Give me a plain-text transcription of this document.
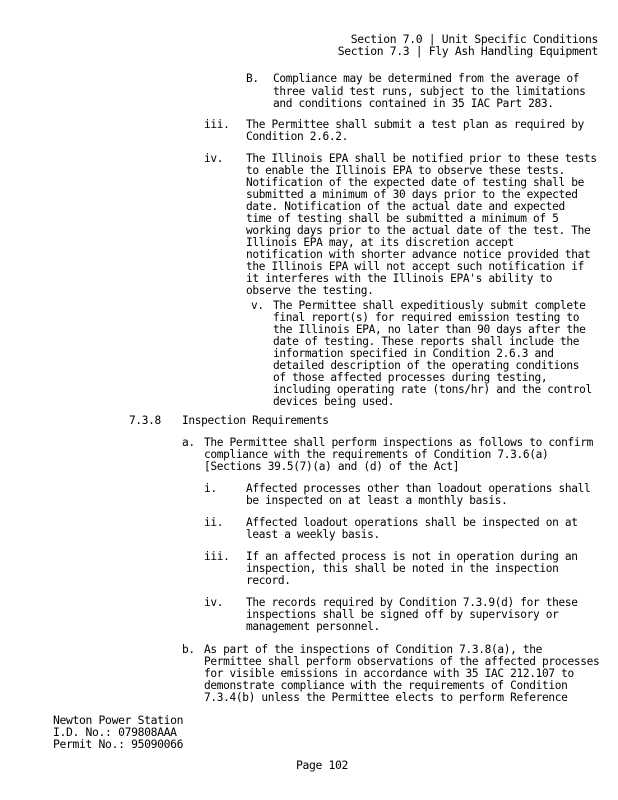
Section 7.0 | Unit Specific Conditions
Section 7.3 | Fly Ash Handling Equipment
B. Compliance may be determined from the average of
three valid test runs, subject to the limitations
and conditions contained in 35 IAC Part 283.
iii. The Permittee shall submit a test plan as required by
Condition 2.6.2.
iv. The Illinois EPA shall be notified prior to these tests
to enable the Illinois EPA to observe these tests.
Notification of the expected date of testing shall be
submitted a minimum of 30 days prior to the expected
date. Notification of the actual date and expected
time of testing shall be submitted a minimum of 5
working days prior to the actual date of the test. The
Illinois EPA may, at its discretion accept
notification with shorter advance notice provided that
the Illinois EPA will not accept such notification if
it interferes with the Illinois EPA's ability to
observe the testing.
v. The Permittee shall expeditiously submit complete
final report(s) for required emission testing to
the Illinois EPA, no later than 90 days after the
date of testing. These reports shall include the
information specified in Condition 2.6.3 and
detailed description of the operating conditions
of those affected processes during testing,
including operating rate (tons/hr) and the control
devices being used.
7.3.8 Inspection Requirements
a. The Permittee shall perform inspections as follows to confirm
compliance with the requirements of Condition 7.3.6(a)
[Sections 39.5(7)(a) and (d) of the Act]
i.	Affected processes other than loadout operations shall
be inspected on at least a monthly basis.
ii. Affected loadout operations shall be inspected on at
least a weekly basis.
iii. If an affected process is not in operation during an
inspection, this shall be noted in the inspection
record.
iv. The records required by Condition 7.3.9(d) for these
inspections shall be signed off by supervisory or
management personnel.
b. As part of the inspections of Condition 7.3.8(a), the
Permittee shall perform observations of the affected processes
for visible emissions in accordance with 35 IAC 212.107 to
demonstrate compliance with the requirements of Condition
7.3.4(b) unless the Permittee elects to perform Reference
Newton Power Station
I.D. No.: 079808AAA
Permit No.: 95090066
Page 102
